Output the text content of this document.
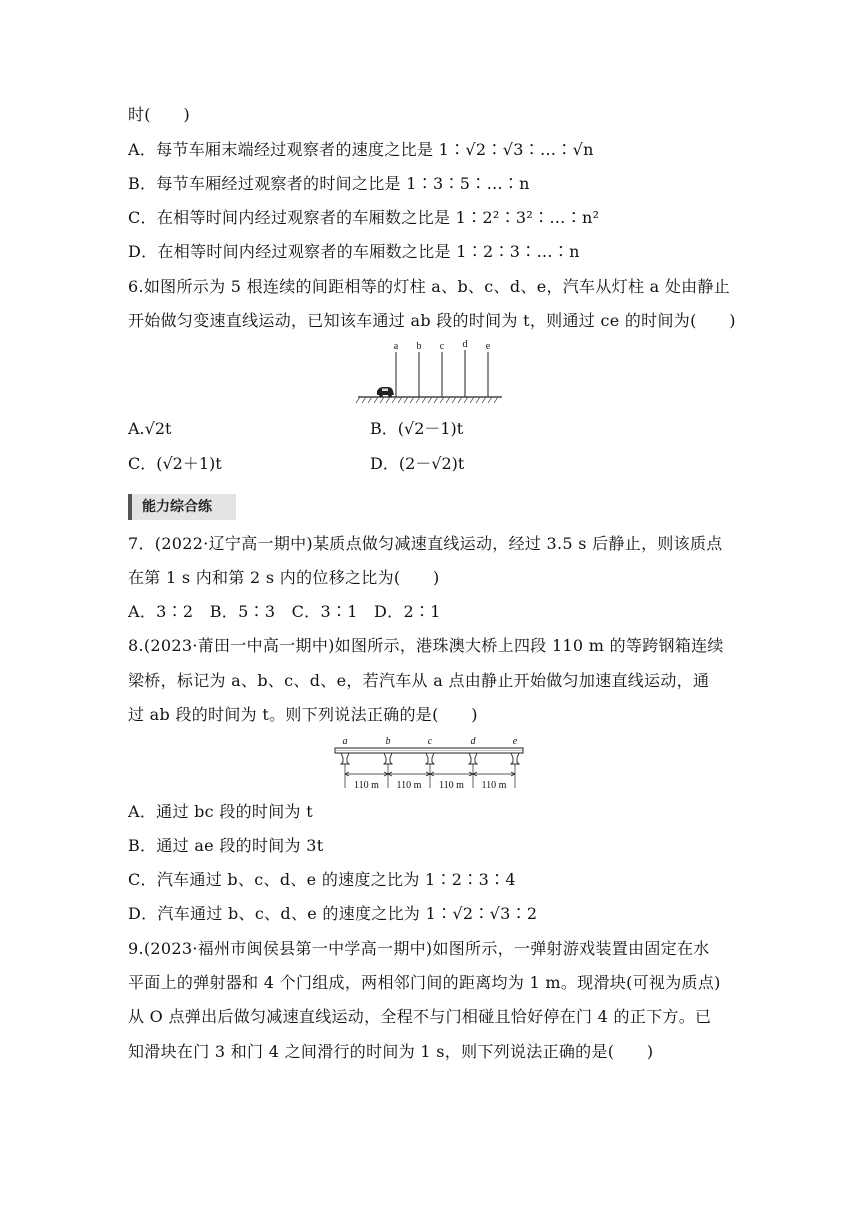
时(　　)
A．每节车厢末端经过观察者的速度之比是 1∶√2∶√3∶…∶√n
B．每节车厢经过观察者的时间之比是 1∶3∶5∶…∶n
C．在相等时间内经过观察者的车厢数之比是 1∶2²∶3²∶…∶n²
D．在相等时间内经过观察者的车厢数之比是 1∶2∶3∶…∶n
6.如图所示为 5 根连续的间距相等的灯柱 a、b、c、d、e，汽车从灯柱 a 处由静止
开始做匀变速直线运动，已知该车通过 ab 段的时间为 t，则通过 ce 的时间为(　　)
a b c d e
A.√2t	B．(√2－1)t
C．(√2＋1)t	D．(2－√2)t
能力综合练
7．(2022·辽宁高一期中)某质点做匀减速直线运动，经过 3.5 s 后静止，则该质点
在第 1 s 内和第 2 s 内的位移之比为(　　)
A．3∶2　B．5∶3　C．3∶1　D．2∶1
8.(2023·莆田一中高一期中)如图所示，港珠澳大桥上四段 110 m 的等跨钢箱连续
梁桥，标记为 a、b、c、d、e，若汽车从 a 点由静止开始做匀加速直线运动，通
过 ab 段的时间为 t。则下列说法正确的是(　　)
a	b	c	d	e
110 m 110 m 110 m 110 m
A．通过 bc 段的时间为 t
B．通过 ae 段的时间为 3t
C．汽车通过 b、c、d、e 的速度之比为 1∶2∶3∶4
D．汽车通过 b、c、d、e 的速度之比为 1∶√2∶√3∶2
9.(2023·福州市闽侯县第一中学高一期中)如图所示，一弹射游戏装置由固定在水
平面上的弹射器和 4 个门组成，两相邻门间的距离均为 1 m。现滑块(可视为质点)
从 O 点弹出后做匀减速直线运动，全程不与门相碰且恰好停在门 4 的正下方。已
知滑块在门 3 和门 4 之间滑行的时间为 1 s，则下列说法正确的是(　　)
